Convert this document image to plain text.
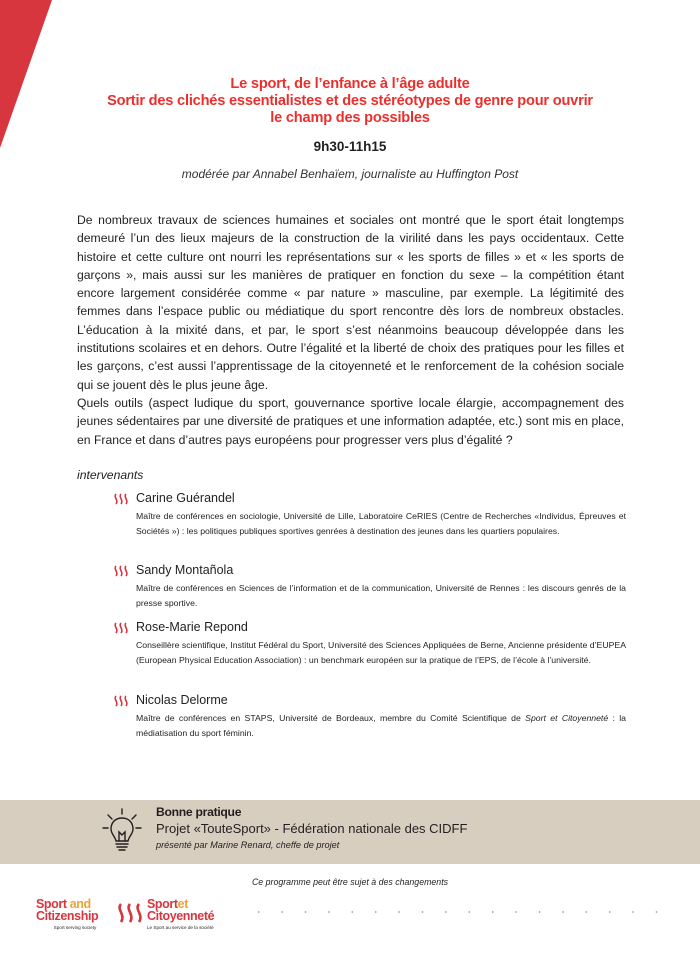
Le sport, de l’enfance à l’âge adulte
Sortir des clichés essentialistes et des stéréotypes de genre pour ouvrir
le champ des possibles
9h30-11h15
modérée par Annabel Benhaïem, journaliste au Huffington Post

De nombreux travaux de sciences humaines et sociales ont montré que le sport était longtemps demeuré l’un des lieux majeurs de la construction de la virilité dans les pays occidentaux. Cette histoire et cette culture ont nourri les représentations sur « les sports de filles » et « les sports de garçons », mais aussi sur les manières de pratiquer en fonction du sexe – la compétition étant encore largement considérée comme « par nature » masculine, par exemple. La légitimité des femmes dans l’espace public ou médiatique du sport rencontre dès lors de nombreux obstacles. L’éducation à la mixité dans, et par, le sport s’est néanmoins beaucoup développée dans les institutions scolaires et en dehors. Outre l’égalité et la liberté de choix des pratiques pour les filles et les garçons, c’est aussi l’apprentissage de la citoyenneté et le renforcement de la cohésion sociale qui se jouent dès le plus jeune âge.

Quels outils (aspect ludique du sport, gouvernance sportive locale élargie, accompagnement des jeunes sédentaires par une diversité de pratiques et une information adaptée, etc.) sont mis en place, en France et dans d’autres pays européens pour progresser vers plus d’égalité ?

intervenants
Carine Guérandel
Maître de conférences en sociologie, Université de Lille, Laboratoire CeRIES (Centre de Recherches «Individus, Épreuves et Sociétés ») : les politiques publiques sportives genrées à destination des jeunes dans les quartiers populaires.
Sandy Montañola
Maître de conférences en Sciences de l’information et de la communication, Université de Rennes : les discours genrés de la presse sportive.
Rose-Marie Repond
Conseillère scientifique, Institut Fédéral du Sport, Université des Sciences Appliquées de Berne, Ancienne présidente d’EUPEA (European Physical Education Association) : un benchmark européen sur la pratique de l’EPS, de l’école à l’université.
Nicolas Delorme
Maître de conférences en STAPS, Université de Bordeaux, membre du Comité Scientifique de Sport et Citoyenneté : la médiatisation du sport féminin.
Bonne pratique
Projet «ToutеSport» - Fédération nationale des CIDFF
présenté par Marine Renard, cheffe de projet
Ce programme peut être sujet à des changements
Sport and
Citizenship
Sport serving society
Sportet
Citoyenneté
Le Sport au service de la société
